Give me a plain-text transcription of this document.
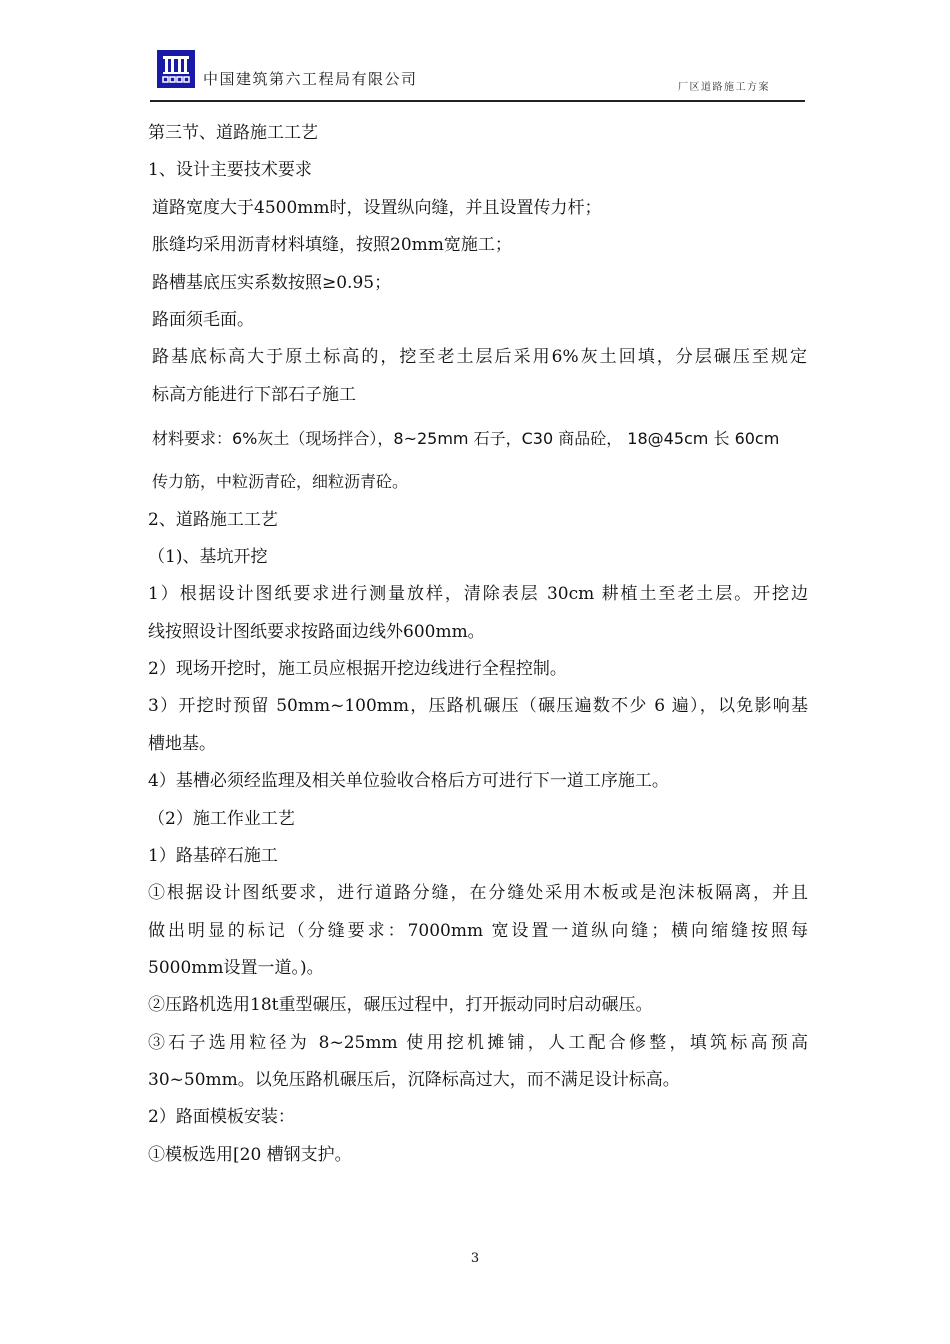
中国建筑第六工程局有限公司	厂区道路施工方案
第三节、道路施工工艺
1、设计主要技术要求
道路宽度大于4500mm时，设置纵向缝，并且设置传力杆；
胀缝均采用沥青材料填缝，按照20mm宽施工；
路槽基底压实系数按照≥0.95；
路面须毛面。
路基底标高大于原土标高的，挖至老土层后采用6%灰土回填，分层碾压至规定
标高方能进行下部石子施工
材料要求：6%灰土（现场拌合），8~25mm 石子，C30 商品砼， 18@45cm 长 60cm
传力筋，中粒沥青砼，细粒沥青砼。
2、道路施工工艺
（1)、基坑开挖
1）根据设计图纸要求进行测量放样，清除表层 30cm 耕植土至老土层。开挖边
线按照设计图纸要求按路面边线外600mm。
2）现场开挖时，施工员应根据开挖边线进行全程控制。
3）开挖时预留 50mm~100mm，压路机碾压（碾压遍数不少 6 遍），以免影响基
槽地基。
4）基槽必须经监理及相关单位验收合格后方可进行下一道工序施工。
（2）施工作业工艺
1）路基碎石施工
①根据设计图纸要求，进行道路分缝，在分缝处采用木板或是泡沫板隔离，并且
做出明显的标记（分缝要求：7000mm 宽设置一道纵向缝；横向缩缝按照每
5000mm设置一道。)。
②压路机选用18t重型碾压，碾压过程中，打开振动同时启动碾压。
③石子选用粒径为 8~25mm 使用挖机摊铺，人工配合修整，填筑标高预高
30~50mm。以免压路机碾压后，沉降标高过大，而不满足设计标高。
2）路面模板安装：
①模板选用[20 槽钢支护。
3
